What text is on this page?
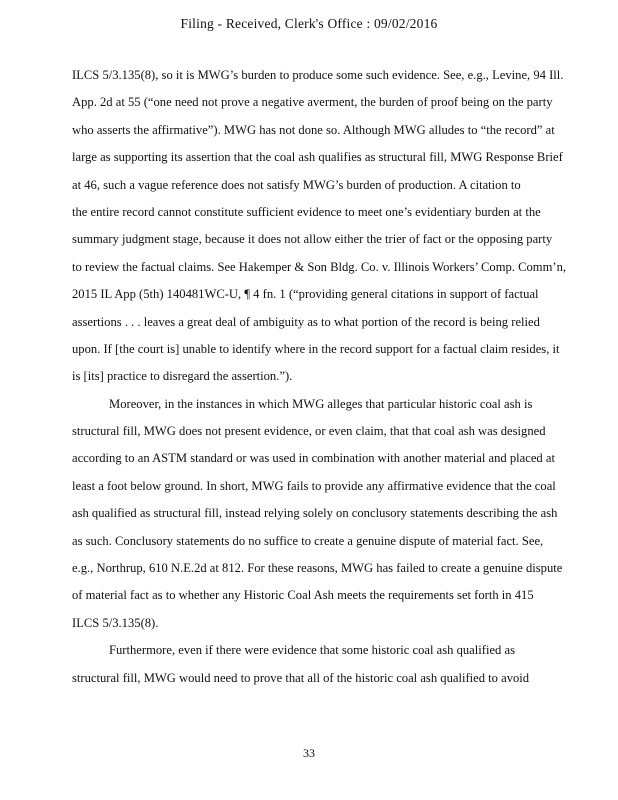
Filing - Received, Clerk's Office : 09/02/2016
ILCS 5/3.135(8), so it is MWG’s burden to produce some such evidence. See, e.g., Levine, 94 Ill.
App. 2d at 55 (“one need not prove a negative averment, the burden of proof being on the party
who asserts the affirmative”). MWG has not done so. Although MWG alludes to “the record” at
large as supporting its assertion that the coal ash qualifies as structural fill, MWG Response Brief
at 46, such a vague reference does not satisfy MWG’s burden of production. A citation to
the entire record cannot constitute sufficient evidence to meet one’s evidentiary burden at the
summary judgment stage, because it does not allow either the trier of fact or the opposing party
to review the factual claims. See Hakemper & Son Bldg. Co. v. Illinois Workers’ Comp. Comm’n,
2015 IL App (5th) 140481WC-U, ¶ 4 fn. 1 (“providing general citations in support of factual
assertions . . . leaves a great deal of ambiguity as to what portion of the record is being relied
upon. If [the court is] unable to identify where in the record support for a factual claim resides, it
is [its] practice to disregard the assertion.”).
Moreover, in the instances in which MWG alleges that particular historic coal ash is
structural fill, MWG does not present evidence, or even claim, that that coal ash was designed
according to an ASTM standard or was used in combination with another material and placed at
least a foot below ground. In short, MWG fails to provide any affirmative evidence that the coal
ash qualified as structural fill, instead relying solely on conclusory statements describing the ash
as such. Conclusory statements do no suffice to create a genuine dispute of material fact. See,
e.g., Northrup, 610 N.E.2d at 812. For these reasons, MWG has failed to create a genuine dispute
of material fact as to whether any Historic Coal Ash meets the requirements set forth in 415
ILCS 5/3.135(8).
Furthermore, even if there were evidence that some historic coal ash qualified as
structural fill, MWG would need to prove that all of the historic coal ash qualified to avoid
33
